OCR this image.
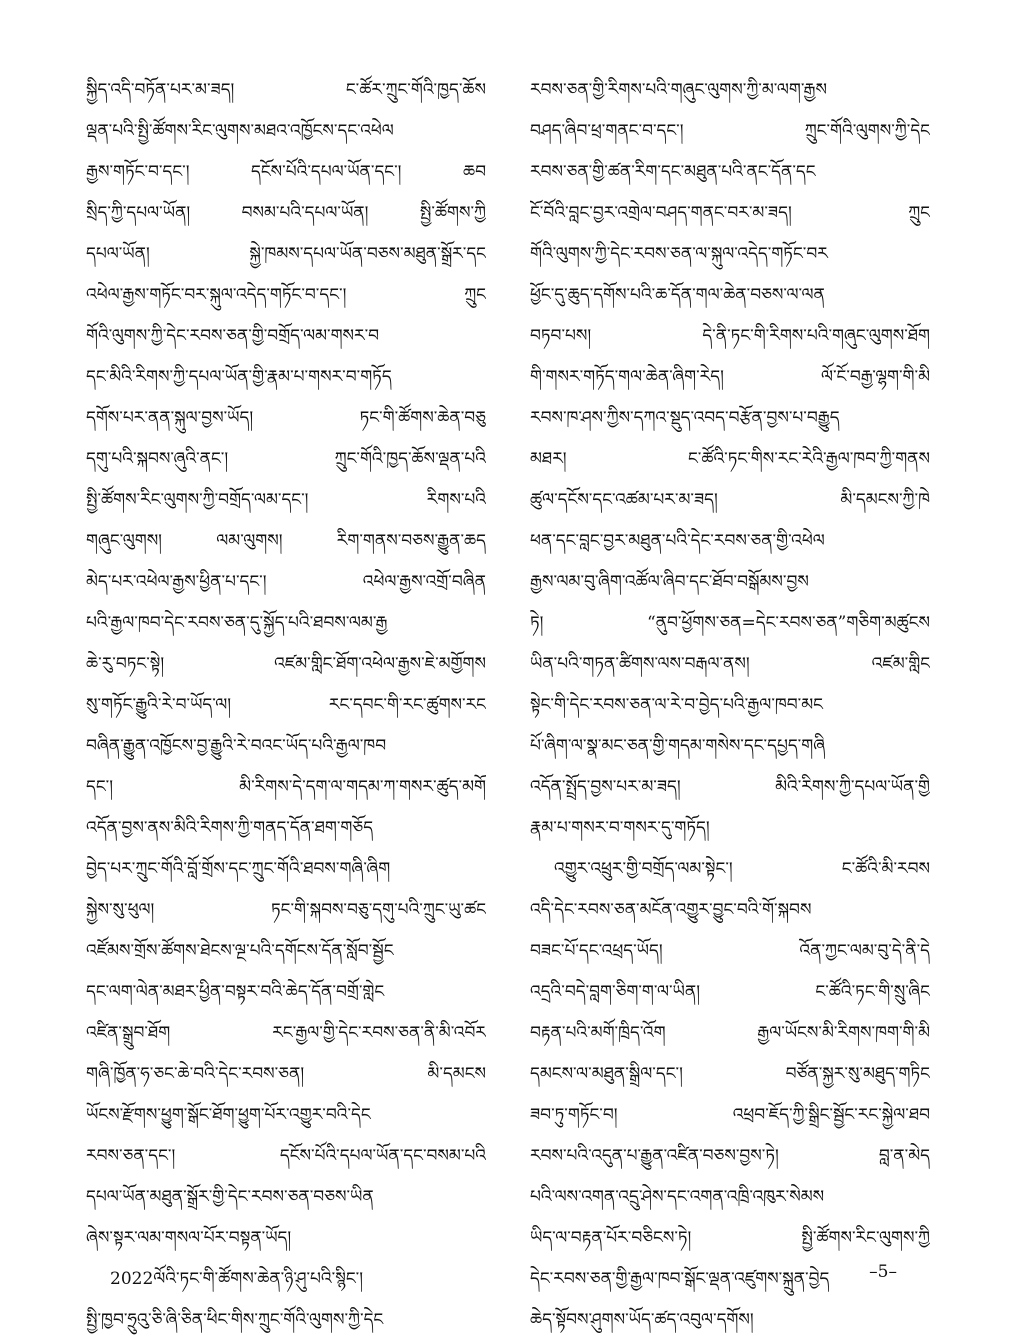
སྐྱིད་འདི་བཏོན་པར་མ་ཟད། ང་ཚོར་ཀྲུང་གོའི་ཁྱད་ཆོས
ལྡན་པའི་སྤྱི་ཚོགས་རིང་ལུགས་མཐའ་འཁྱོངས་དང་འཕེལ
རྒྱས་གཏོང་བ་དང་། དངོས་པོའི་དཔལ་ཡོན་དང་། ཆབ
སྲིད་ཀྱི་དཔལ་ཡོན། བསམ་པའི་དཔལ་ཡོན། སྤྱི་ཚོགས་ཀྱི
དཔལ་ཡོན། སྐྱེ་ཁམས་དཔལ་ཡོན་བཅས་མཐུན་སྒྲོར་དང
འཕེལ་རྒྱས་གཏོང་བར་སྐུལ་འདེད་གཏོང་བ་དང་། ཀྲུང
གོའི་ལུགས་ཀྱི་དེང་རབས་ཅན་གྱི་བགྲོད་ལམ་གསར་བ
དང་མིའི་རིགས་ཀྱི་དཔལ་ཡོན་གྱི་རྣམ་པ་གསར་བ་གཏོད
དགོས་པར་ནན་སྐུལ་བྱས་ཡོད། ཏང་གི་ཚོགས་ཆེན་བཅུ
དགུ་པའི་སྐབས་ཞུའི་ནང་། ཀྲུང་གོའི་ཁྱད་ཆོས་ལྡན་པའི
སྤྱི་ཚོགས་རིང་ལུགས་ཀྱི་བགྲོད་ལམ་དང་། རིགས་པའི
གཞུང་ལུགས། ལམ་ལུགས། རིག་གནས་བཅས་རྒྱུན་ཆད
མེད་པར་འཕེལ་རྒྱས་ཕྱིན་པ་དང་། འཕེལ་རྒྱས་འགྲོ་བཞིན
པའི་རྒྱལ་ཁབ་དེང་རབས་ཅན་དུ་སྐྱོད་པའི་ཐབས་ལམ་རྒྱ
ཆེ་རུ་བཏང་སྟེ། འཛམ་གླིང་ཐོག་འཕེལ་རྒྱས་ཇེ་མགྱོགས
སུ་གཏོང་རྒྱུའི་རེ་བ་ཡོད་ལ། རང་དབང་གི་རང་ཚུགས་རང
བཞིན་རྒྱུན་འཁྱོངས་བྱ་རྒྱུའི་རེ་བའང་ཡོད་པའི་རྒྱལ་ཁབ
དང་། མི་རིགས་དེ་དག་ལ་གདམ་ཀ་གསར་ཚུད་མགོ
འདོན་བྱས་ནས་མིའི་རིགས་ཀྱི་གནད་དོན་ཐག་གཅོད
བྱེད་པར་ཀྲུང་གོའི་བློ་གྲོས་དང་ཀྲུང་གོའི་ཐབས་གཞི་ཞིག
སྐྱེས་སུ་ཕུལ། ཏང་གི་སྐབས་བཅུ་དགུ་པའི་ཀྲུང་ཡུ་ཚང
འཛོམས་གྲོས་ཚོགས་ཐེངས་ལྔ་པའི་དགོངས་དོན་སློབ་སྦྱོང
དང་ལག་ལེན་མཐར་ཕྱིན་བསྟར་བའི་ཆེད་དོན་བགྲོ་གླེང
འཛིན་སྒྲུབ་ཐོག རང་རྒྱལ་གྱི་དེང་རབས་ཅན་ནི་མི་འབོར
གཞི་ཁྱོན་ཧ་ཅང་ཆེ་བའི་དེང་རབས་ཅན། མི་དམངས
ཡོངས་རྫོགས་ཕྱུག་སྒོང་ཐོག་ཕྱུག་པོར་འགྱུར་བའི་དེང
རབས་ཅན་དང་། དངོས་པོའི་དཔལ་ཡོན་དང་བསམ་པའི
དཔལ་ཡོན་མཐུན་སྒྲོར་གྱི་དེང་རབས་ཅན་བཅས་ཡིན
ཞེས་སྟར་ལམ་གསལ་པོར་བསྟན་ཡོད།
2022ལོའི་ཏང་གི་ཚོགས་ཆེན་ཉི་ཤུ་པའི་སྙིང་།
སྤྱི་ཁྱབ་ཧྲུའུ་ཅི་ཞི་ཅིན་ཕིང་གིས་ཀྲུང་གོའི་ལུགས་ཀྱི་དེང
རབས་ཅན་གྱི་རིགས་པའི་གཞུང་ལུགས་ཀྱི་མ་ལག་རྒྱས
བཤད་ཞིབ་ཕྲ་གནང་བ་དང་། ཀྲུང་གོའི་ལུགས་ཀྱི་དེང
རབས་ཅན་གྱི་ཚན་རིག་དང་མཐུན་པའི་ནང་དོན་དང
ངོ་བོའི་བླང་བྱར་འགྲེལ་བཤད་གནང་བར་མ་ཟད། ཀྲུང
གོའི་ལུགས་ཀྱི་དེང་རབས་ཅན་ལ་སྐུལ་འདེད་གཏོང་བར
ཕྱོང་དུ་ཆུད་དགོས་པའི་ཆ་དོན་གལ་ཆེན་བཅས་ལ་ལན
བཏབ་པས། དེ་ནི་ཏང་གི་རིགས་པའི་གཞུང་ལུགས་ཐོག
གི་གསར་གཏོད་གལ་ཆེན་ཞིག་རེད། ལོ་ངོ་བརྒྱ་ལྷག་གི་མི
རབས་ཁ་ཤས་ཀྱིས་དཀའ་སྡུད་འབད་བརྩོན་བྱས་པ་བརྒྱུད
མཐར། ང་ཚོའི་ཏང་གིས་རང་རེའི་རྒྱལ་ཁབ་ཀྱི་གནས
ཚུལ་དངོས་དང་འཚམ་པར་མ་ཟད། མི་དམངས་ཀྱི་ཁེ
ཕན་དང་བླང་བྱར་མཐུན་པའི་དེང་རབས་ཅན་གྱི་འཕེལ
རྒྱས་ལམ་བུ་ཞིག་འཚོལ་ཞིབ་དང་ཐོབ་བསྒོམས་བྱས
ཏེ། “ནུབ་ཕྱོགས་ཅན=དེང་རབས་ཅན”གཅིག་མཚུངས
ཡིན་པའི་གཏན་ཚིགས་ལས་བརྒལ་ནས། འཛམ་གླིང
སྟེང་གི་དེང་རབས་ཅན་ལ་རེ་བ་བྱེད་པའི་རྒྱལ་ཁབ་མང
པོ་ཞིག་ལ་སྣ་མང་ཅན་གྱི་གདམ་གསེས་དང་དཔྱད་གཞི
འདོན་སྤྲོད་བྱས་པར་མ་ཟད། མིའི་རིགས་ཀྱི་དཔལ་ཡོན་གྱི
རྣམ་པ་གསར་བ་གསར་དུ་གཏོད།
འགྱུར་འཕྲུར་གྱི་བགྲོད་ལམ་སྟེང་། ང་ཚོའི་མི་རབས
འདི་དེང་རབས་ཅན་མངོན་འགྱུར་བྱུང་བའི་གོ་སྐབས
བཟང་པོ་དང་འཕྲད་ཡོད། འོན་ཀྱང་ལམ་བུ་དེ་ནི་དེ
འདྲའི་བདེ་བླག་ཅིག་ག་ལ་ཡིན། ང་ཚོའི་ཏང་གི་སྲུ་ཞིང
བརྟན་པའི་མགོ་ཁྲིད་འོག རྒྱལ་ཡོངས་མི་རིགས་ཁག་གི་མི
དམངས་ལ་མཐུན་སྒྲིལ་དང་། བཙོན་སྐྱར་སུ་མཐུད་གཏིང
ཟབ་ཏུ་གཏོང་བ། འཕྲབ་ཇོད་ཀྱི་སྒྲིང་སྦྱོང་རང་སྐྱེལ་ཐབ
རབས་པའི་འདུན་པ་རྒྱུན་འཛིན་བཅས་བྱས་ཏེ། བླ་ན་མེད
པའི་ལས་འགན་འདྲུ་ཤེས་དང་འགན་འཁྲི་འཁུར་སེམས
ཡིད་ལ་བརྟན་པོར་བཅིངས་ཏེ། སྤྱི་ཚོགས་རིང་ལུགས་ཀྱི
དེང་རབས་ཅན་གྱི་རྒྱལ་ཁབ་སྒོང་ལྡན་འཛུགས་སྐྲུན་བྱེད
ཆེད་སྟོབས་ཤུགས་ཡོད་ཚད་འབུལ་དགོས།
–5–
